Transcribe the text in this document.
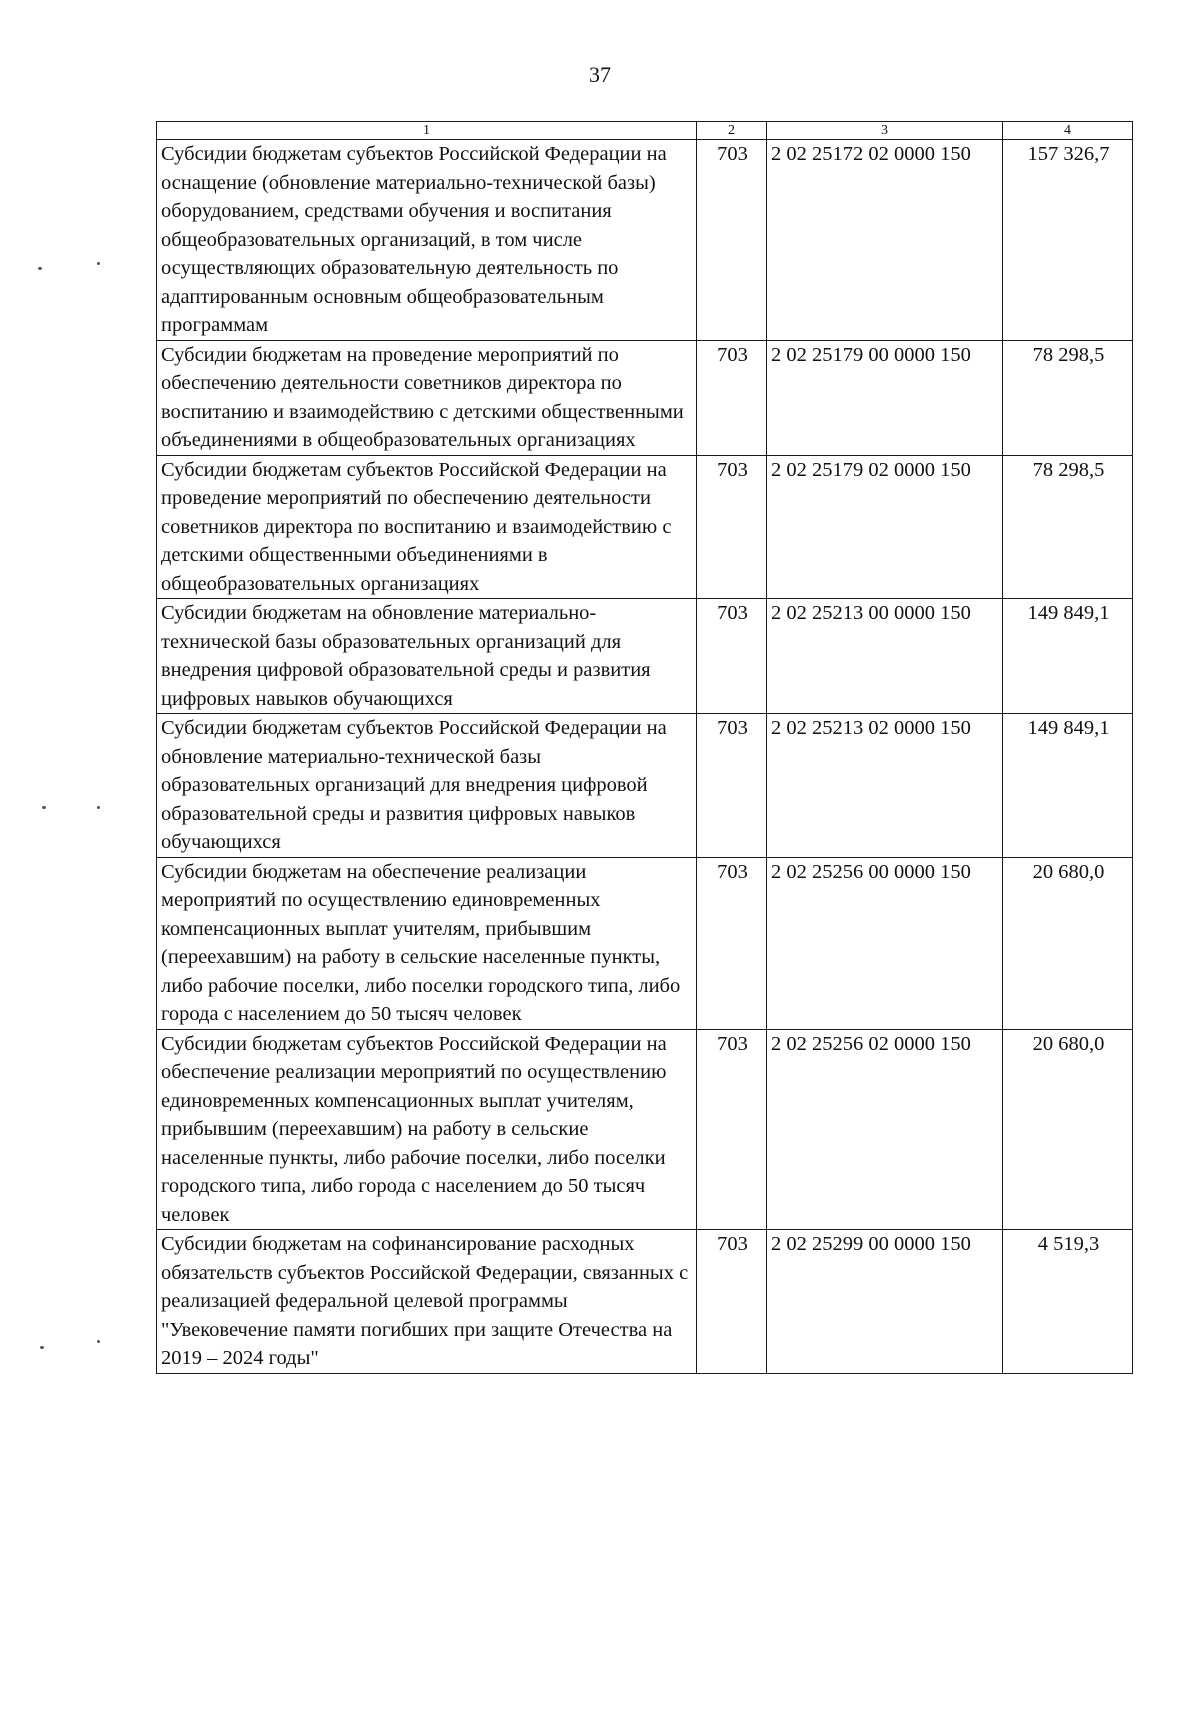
37
1	2	3	4
Субсидии бюджетам субъектов Российской Федерации на оснащение (обновление материально-технической базы) оборудованием, средствами обучения и воспитания общеобразовательных организаций, в том числе осуществляющих образовательную деятельность по адаптированным основным общеобразовательным программам	703	2 02 25172 02 0000 150	157 326,7
Субсидии бюджетам на проведение мероприятий по обеспечению деятельности советников директора по воспитанию и взаимодействию с детскими общественными объединениями в общеобразовательных организациях	703	2 02 25179 00 0000 150	78 298,5
Субсидии бюджетам субъектов Российской Федерации на проведение мероприятий по обеспечению деятельности советников директора по воспитанию и взаимодействию с детскими общественными объединениями в общеобразовательных организациях	703	2 02 25179 02 0000 150	78 298,5
Субсидии бюджетам на обновление материально-технической базы образовательных организаций для внедрения цифровой образовательной среды и развития цифровых навыков обучающихся	703	2 02 25213 00 0000 150	149 849,1
Субсидии бюджетам субъектов Российской Федерации на обновление материально-технической базы образовательных организаций для внедрения цифровой образовательной среды и развития цифровых навыков обучающихся	703	2 02 25213 02 0000 150	149 849,1
Субсидии бюджетам на обеспечение реализации мероприятий по осуществлению единовременных компенсационных выплат учителям, прибывшим (переехавшим) на работу в сельские населенные пункты, либо рабочие поселки, либо поселки городского типа, либо города с населением до 50 тысяч человек	703	2 02 25256 00 0000 150	20 680,0
Субсидии бюджетам субъектов Российской Федерации на обеспечение реализации мероприятий по осуществлению единовременных компенсационных выплат учителям, прибывшим (переехавшим) на работу в сельские населенные пункты, либо рабочие поселки, либо поселки городского типа, либо города с населением до 50 тысяч человек	703	2 02 25256 02 0000 150	20 680,0
Субсидии бюджетам на софинансирование расходных обязательств субъектов Российской Федерации, связанных с реализацией федеральной целевой программы "Увековечение памяти погибших при защите Отечества на 2019 – 2024 годы"	703	2 02 25299 00 0000 150	4 519,3
